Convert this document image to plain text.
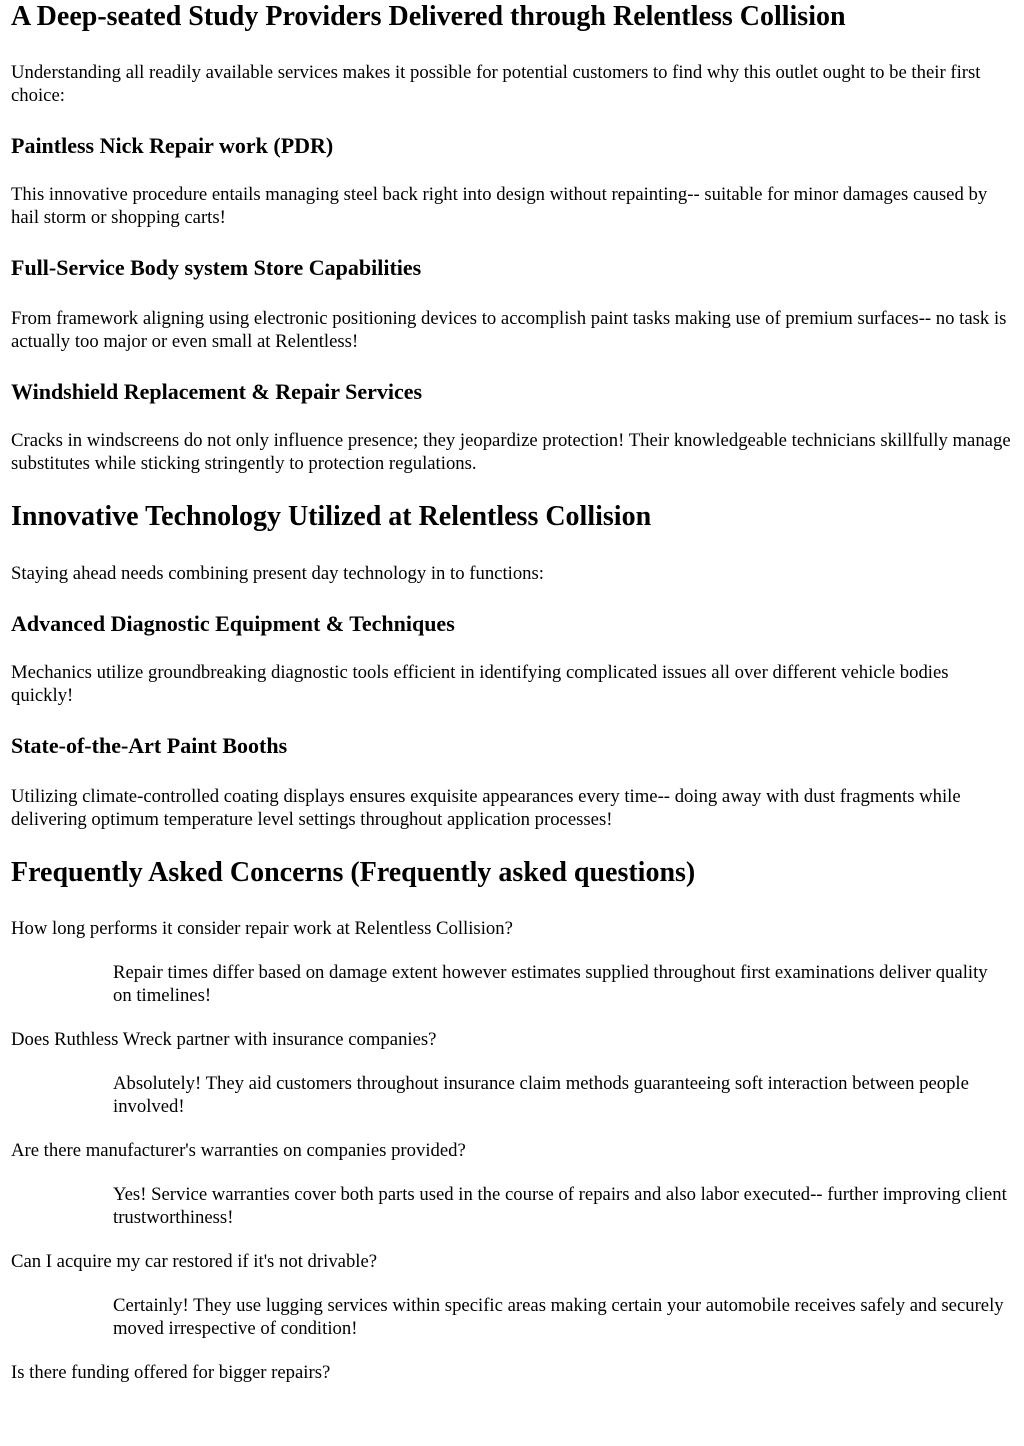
A Deep-seated Study Providers Delivered through Relentless Collision

Understanding all readily available services makes it possible for potential customers to find why this outlet ought to be their first choice:

Paintless Nick Repair work (PDR)

This innovative procedure entails managing steel back right into design without repainting-- suitable for minor damages caused by hail storm or shopping carts!

Full-Service Body system Store Capabilities

From framework aligning using electronic positioning devices to accomplish paint tasks making use of premium surfaces-- no task is actually too major or even small at Relentless!

Windshield Replacement & Repair Services

Cracks in windscreens do not only influence presence; they jeopardize protection! Their knowledgeable technicians skillfully manage substitutes while sticking stringently to protection regulations.

Innovative Technology Utilized at Relentless Collision

Staying ahead needs combining present day technology in to functions:

Advanced Diagnostic Equipment & Techniques

Mechanics utilize groundbreaking diagnostic tools efficient in identifying complicated issues all over different vehicle bodies quickly!

State-of-the-Art Paint Booths

Utilizing climate-controlled coating displays ensures exquisite appearances every time-- doing away with dust fragments while delivering optimum temperature level settings throughout application processes!

Frequently Asked Concerns (Frequently asked questions)
How long performs it consider repair work at Relentless Collision?
Repair times differ based on damage extent however estimates supplied throughout first examinations deliver quality on timelines!
Does Ruthless Wreck partner with insurance companies?
Absolutely! They aid customers throughout insurance claim methods guaranteeing soft interaction between people involved!
Are there manufacturer's warranties on companies provided?
Yes! Service warranties cover both parts used in the course of repairs and also labor executed-- further improving client trustworthiness!
Can I acquire my car restored if it's not drivable?
Certainly! They use lugging services within specific areas making certain your automobile receives safely and securely moved irrespective of condition!
Is there funding offered for bigger repairs?
